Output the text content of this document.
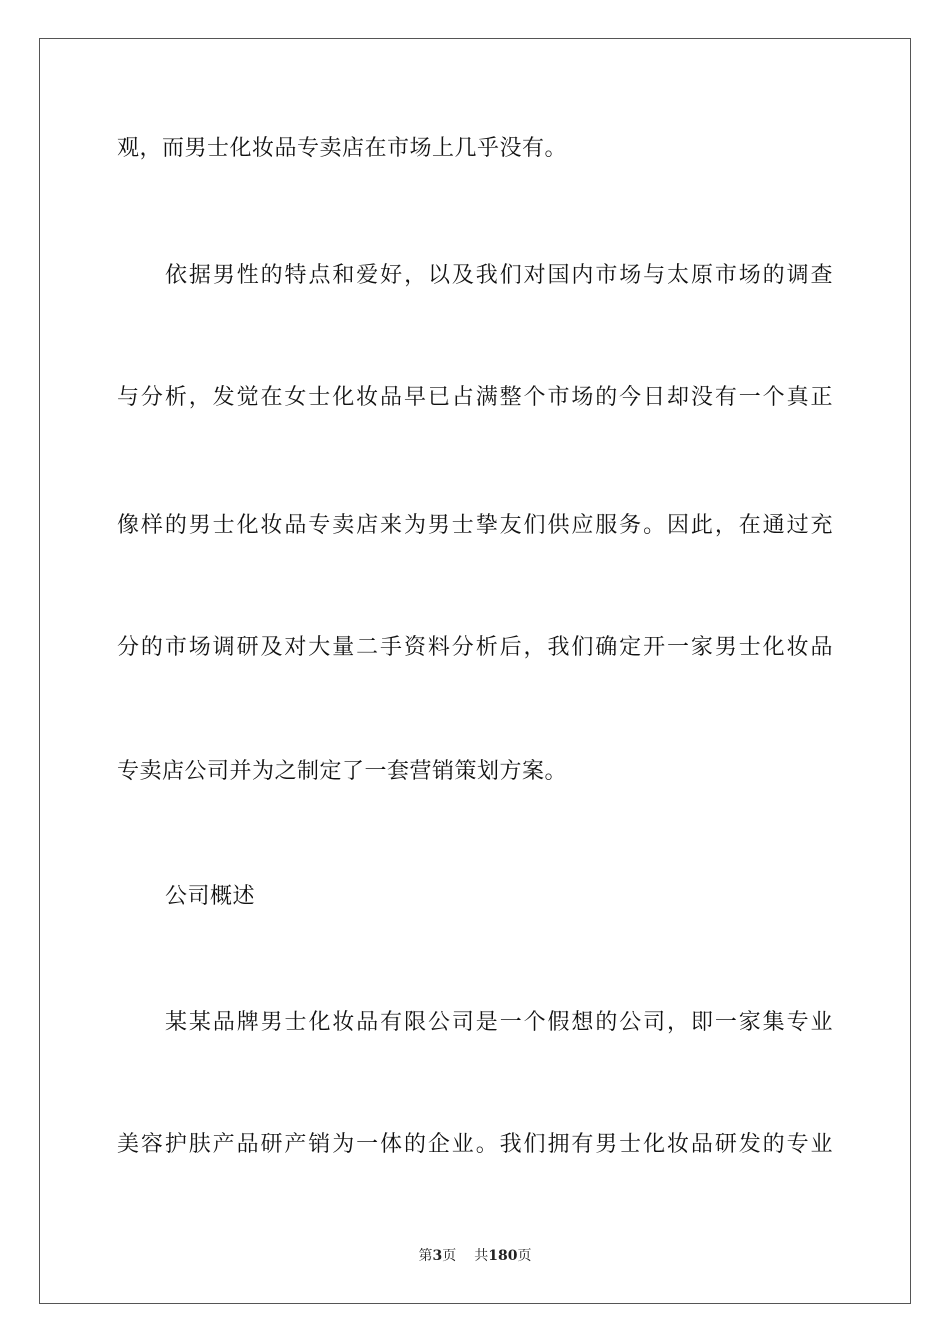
观，而男士化妆品专卖店在市场上几乎没有。
依据男性的特点和爱好，以及我们对国内市场与太原市场的调查
与分析，发觉在女士化妆品早已占满整个市场的今日却没有一个真正
像样的男士化妆品专卖店来为男士挚友们供应服务。因此，在通过充
分的市场调研及对大量二手资料分析后，我们确定开一家男士化妆品
专卖店公司并为之制定了一套营销策划方案。
公司概述
某某品牌男士化妆品有限公司是一个假想的公司，即一家集专业
美容护肤产品研产销为一体的企业。我们拥有男士化妆品研发的专业
第3页 共180页
